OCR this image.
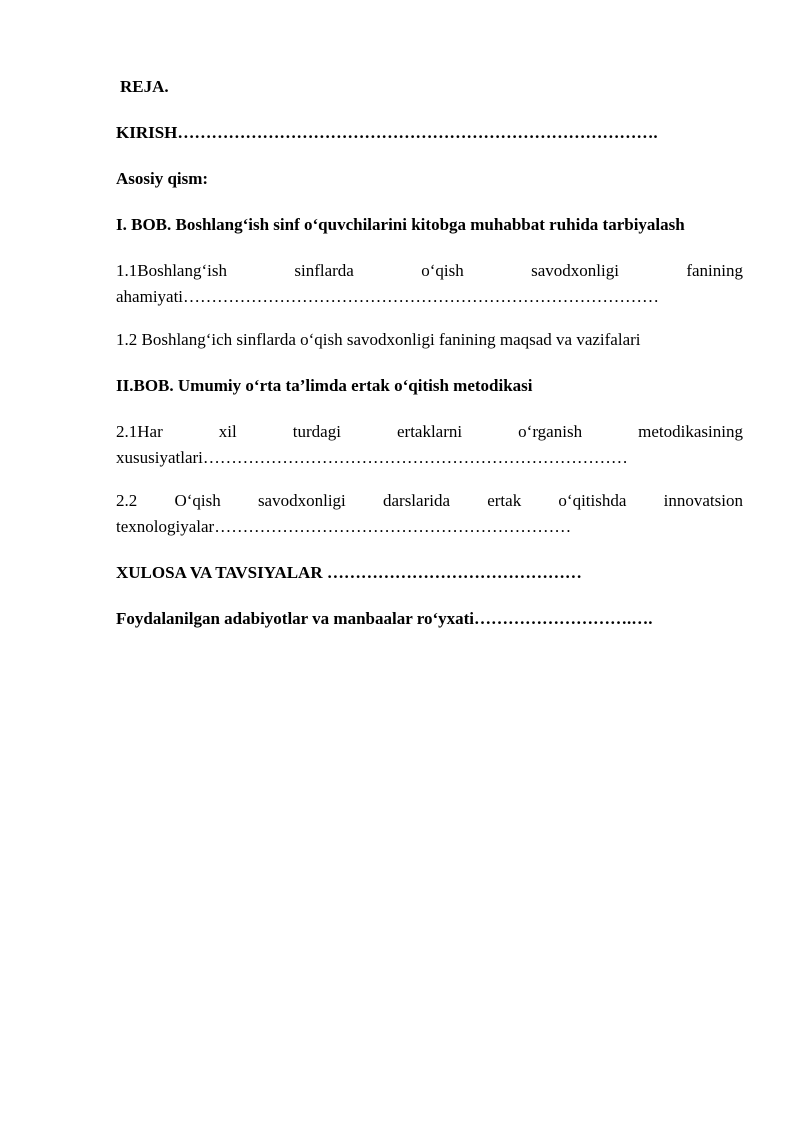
REJA.

KIRISH………………………………………………………………………….

Asosiy qism:

I. BOB. Boshlang‘ish sinf o‘quvchilarini kitobga muhabbat ruhida tarbiyalash

1.1Boshlang‘ish	sinflarda	o‘qish	savodxonligi	fanining

ahamiyati…………………………………………………………………………

1.2 Boshlang‘ich sinflarda o‘qish savodxonligi fanining maqsad va vazifalari

II.BOB. Umumiy o‘rta ta’limda ertak o‘qitish metodikasi

2.1Har	xil	turdagi	ertaklarni	o‘rganish	metodikasining

xususiyatlari…………………………………………………………………

2.2 O‘qish savodxonligi darslarida ertak o‘qitishda innovatsion

texnologiyalar………………………………………………………

XULOSA VA TAVSIYALAR ………………………………………

Foydalanilgan adabiyotlar va manbaalar ro‘yxati……………………….….
